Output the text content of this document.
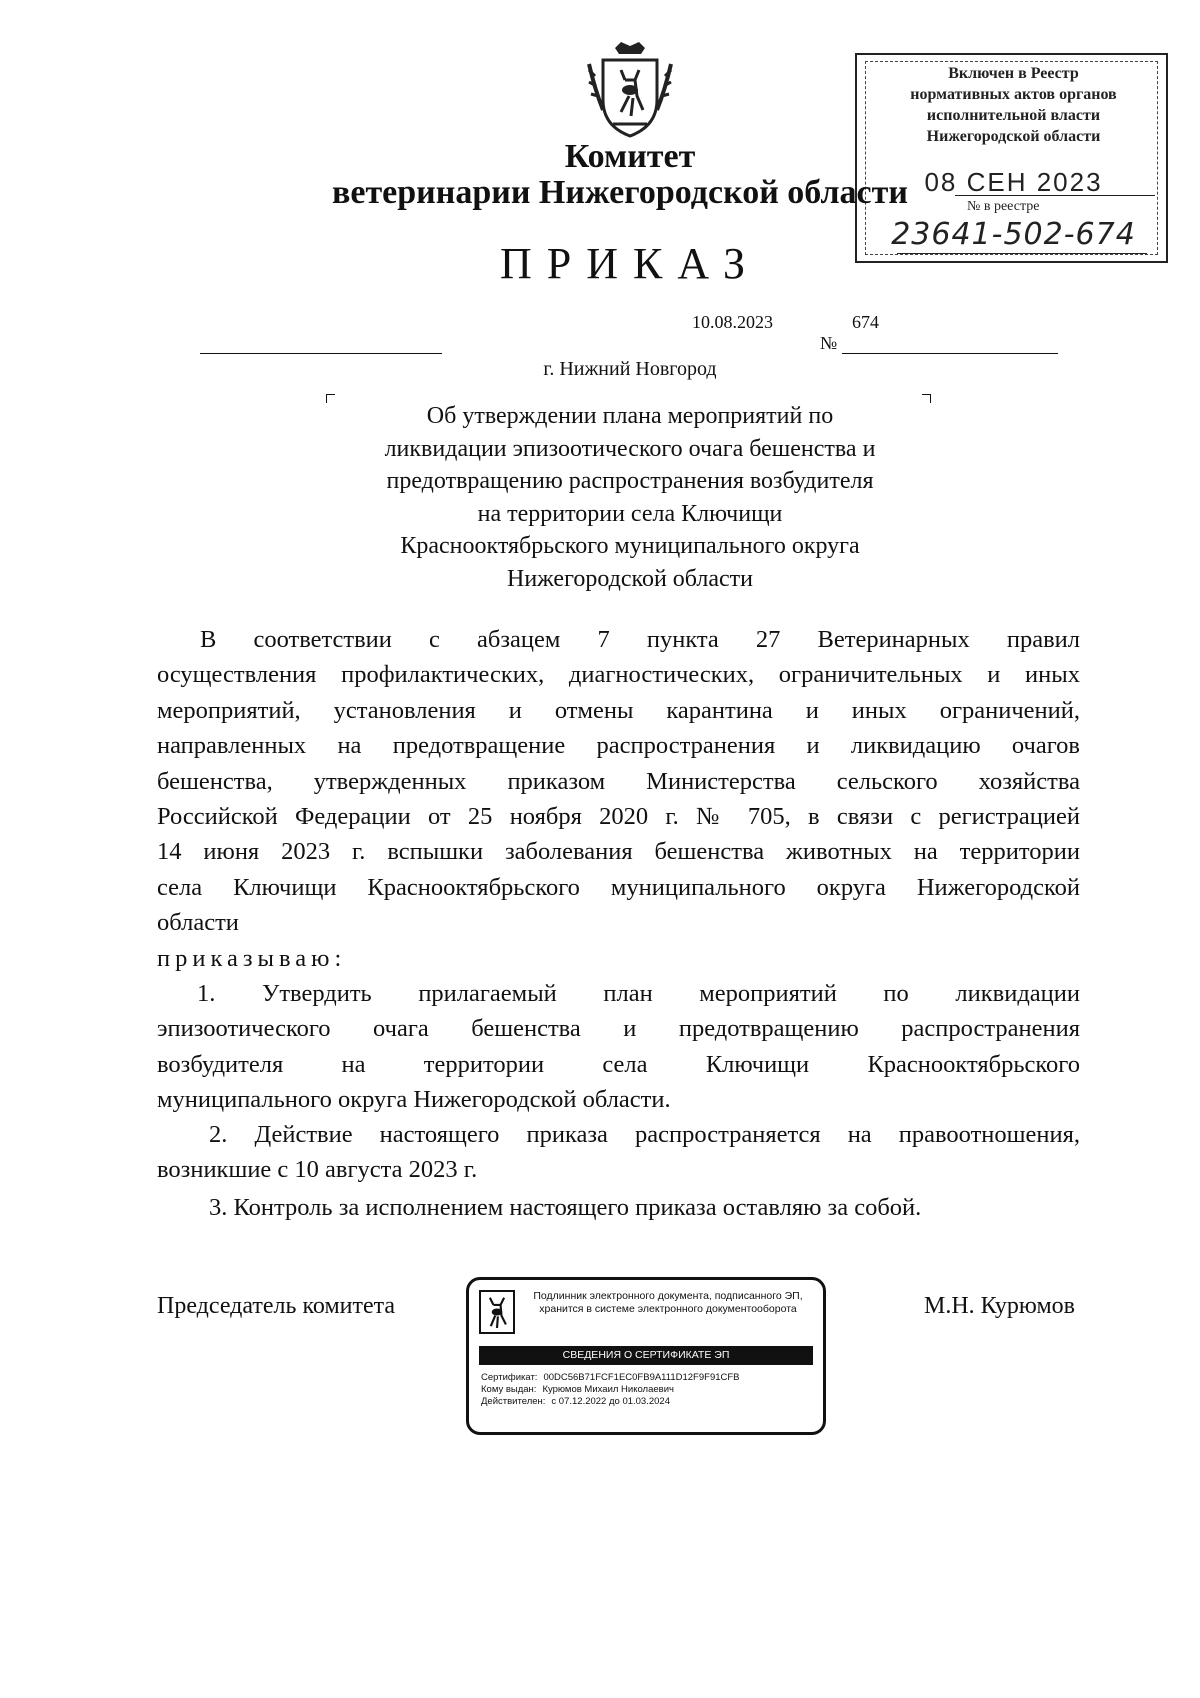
Включен в Реестр
нормативных актов органов
исполнительной власти
Нижегородской области
08 СЕН 2023
№ в реестре
23641-502-674
Комитет
ветеринарии Нижегородской области
ПРИКАЗ
10.08.2023
№
674
г. Нижний Новгород
Об утверждении плана мероприятий по
ликвидации эпизоотического очага бешенства и
предотвращению распространения возбудителя
на территории села Ключищи
Краснооктябрьского муниципального округа
Нижегородской области
В соответствии с абзацем 7 пункта 27 Ветеринарных правил
осуществления профилактических, диагностических, ограничительных и иных
мероприятий, установления и отмены карантина и иных ограничений,
направленных на предотвращение распространения и ликвидацию очагов
бешенства, утвержденных приказом Министерства сельского хозяйства
Российской Федерации от 25 ноября 2020 г. № 705, в связи с регистрацией
14 июня 2023 г. вспышки заболевания бешенства животных на территории
села Ключищи Краснооктябрьского муниципального округа Нижегородской
области
приказываю:
1. Утвердить прилагаемый план мероприятий по ликвидации
эпизоотического очага бешенства и предотвращению распространения
возбудителя на территории села Ключищи Краснооктябрьского
муниципального округа Нижегородской области.
2. Действие настоящего приказа распространяется на правоотношения,
возникшие с 10 августа 2023 г.
3. Контроль за исполнением настоящего приказа оставляю за собой.
Председатель комитета	М.Н. Курюмов
Подлинник электронного документа, подписанного ЭП,
хранится в системе электронного документооборота
СВЕДЕНИЯ О СЕРТИФИКАТЕ ЭП
Сертификат: 00DC56B71FCF1EC0FB9A111D12F9F91CFB
Кому выдан: Курюмов Михаил Николаевич
Действителен: с 07.12.2022 до 01.03.2024
